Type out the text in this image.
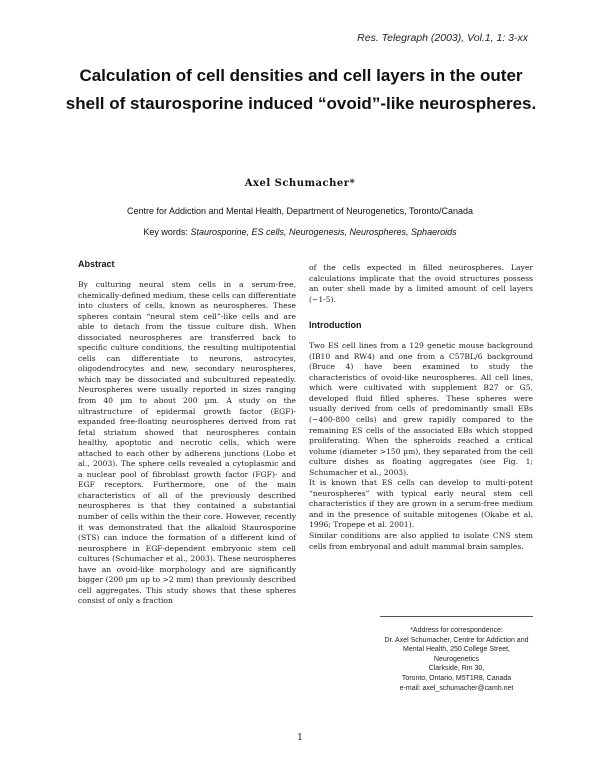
Res. Telegraph (2003), Vol.1, 1: 3-xx
Calculation of cell densities and cell layers in the outer shell of staurosporine induced “ovoid”-like neurospheres.

Axel Schumacher*

Centre for Addiction and Mental Health, Department of Neurogenetics, Toronto/Canada

Key words: Staurosporine, ES cells, Neurogenesis, Neurospheres, Sphaeroids

Abstract

By culturing neural stem cells in a serum-free, chemically-defined medium, these cells can differentiate into clusters of cells, known as neurospheres. These spheres contain “neural stem cell”-like cells and are able to detach from the tissue culture dish. When dissociated neurospheres are transferred back to specific culture conditions, the resulting multipotential cells can differentiate to neurons, astrocytes, oligodendrocytes and new, secondary neurospheres, which may be dissociated and subcultured repeatedly. Neurospheres were usually reported in sizes ranging from 40 µm to about 200 µm. A study on the ultrastructure of epidermal growth factor (EGF)-expanded free-floating neurospheres derived from rat fetal striatum showed that neurospheres contain healthy, apoptotic and necrotic cells, which were attached to each other by adherens junctions (Lobo et al., 2003). The sphere cells revealed a cytoplasmic and a nuclear pool of fibroblast growth factor (FGF)- and EGF receptors. Furthermore, one of the main characteristics of all of the previously described neurospheres is that they contained a substantial number of cells within the their core. However, recently it was demonstrated that the alkaloid Staurosporine (STS) can induce the formation of a different kind of neurosphere in EGF-dependent embryonic stem cell cultures (Schumacher et al., 2003). These neurospheres have an ovoid-like morphology and are significantly bigger (200 µm up to >2 mm) than previously described cell aggregates. This study shows that these spheres consist of only a fraction

of the cells expected in filled neurospheres. Layer calculations implicate that the ovoid structures possess an outer shell made by a limited amount of cell layers (~1-5).

Introduction

Two ES cell lines from a 129 genetic mouse background (IB10 and RW4) and one from a C57BL/6 background (Bruce 4) have been examined to study the characteristics of ovoid-like neurospheres. All cell lines, which were cultivated with supplement B27 or G5, developed fluid filled spheres. These spheres were usually derived from cells of predominantly small EBs (~400-800 cells) and grew rapidly compared to the remaining ES cells of the associated EBs which stopped proliferating. When the spheroids reached a critical volume (diameter >150 µm), they separated from the cell culture dishes as floating aggregates (see Fig. 1; Schumacher et al., 2003).

It is known that ES cells can develop to multi-potent “neurospheres” with typical early neural stem cell characteristics if they are grown in a serum-free medium and in the presence of suitable mitogenes (Okabe et al, 1996; Tropepe et al. 2001).

Similar conditions are also applied to isolate CNS stem cells from embryonal and adult mammal brain samples.

*Address for correspondence:

Dr. Axel Schumacher, Centre for Addiction and Mental Health, 250 College Street, Neurogenetics

Clarkside, Rm 30,

Toronto, Ontario, M5T1R8, Canada

e-mail: axel_schumacher@camh.net

1
